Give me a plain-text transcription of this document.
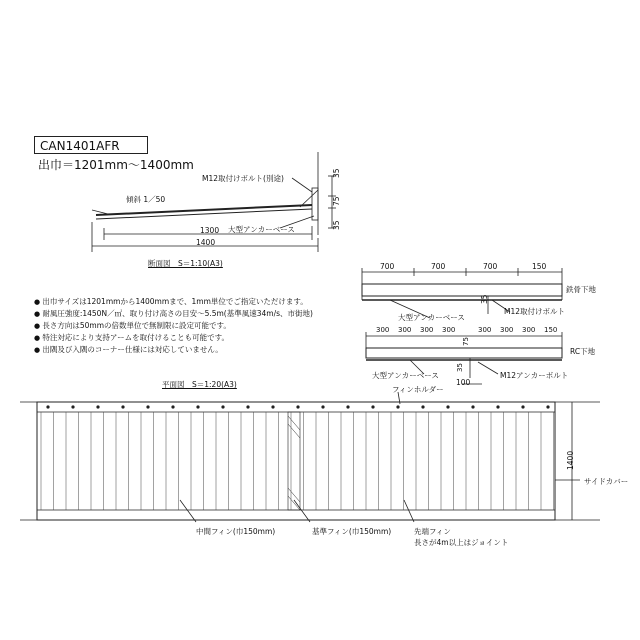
CAN1401AFR
出巾＝1201mm～1400mm
M12取付けボルト(別途)
傾斜 1／50
大型アンカーベース
35
75
35
1300
1400
断面図　S＝1:10(A3)	700	700	700	150
鉄骨下地
大型アンカーベース
M12取付けボルト
35
300 300 300 300	300 300 300 150
RC下地
大型アンカーベース	M12アンカーボルト
75
35
100
● 出巾サイズは1201mmから1400mmまで、1mm単位でご指定いただけます。
● 耐風圧強度:1450N／㎡、取り付け高さの目安～5.5m(基準風速34m/s、市街地)
● 長さ方向は50mmの倍数単位で無制限に設定可能です。
● 特注対応により支持アームを取付けることも可能です。
● 出隅及び入隅のコーナー仕様には対応していません。
平面図　S＝1:20(A3)
フィンホルダー
サイドカバー
1400
中間フィン(巾150mm)	基準フィン(巾150mm)	先端フィン
長さが4m以上はジョイント
